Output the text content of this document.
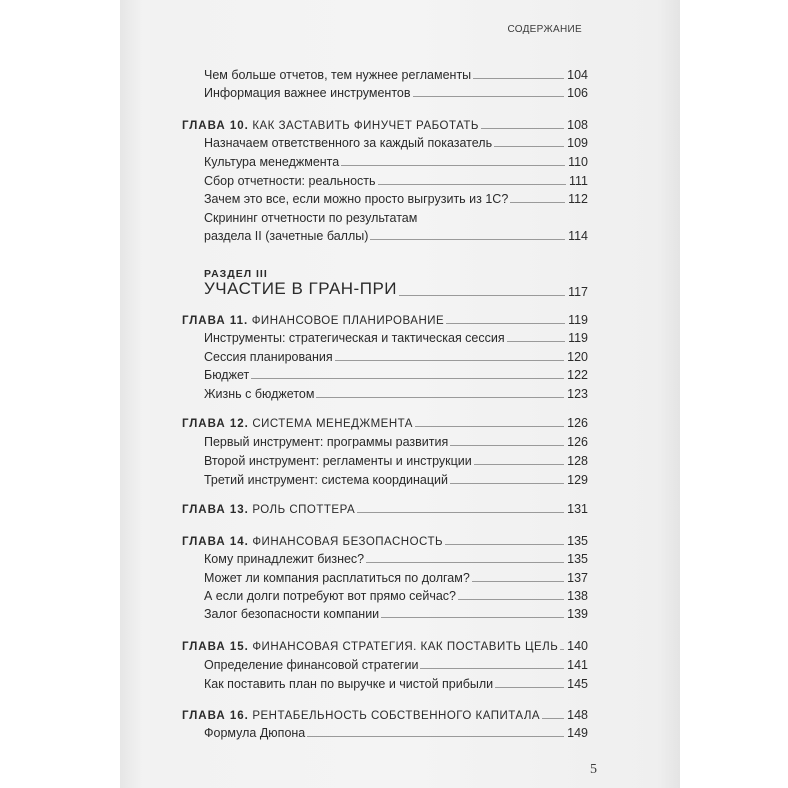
СОДЕРЖАНИЕ
РАЗДЕЛ III
Чем больше отчетов, тем нужнее регламенты	104
Информация важнее инструментов	106
ГЛАВА 10. КАК ЗАСТАВИТЬ ФИНУЧЕТ РАБОТАТЬ	108
Назначаем ответственного за каждый показатель	109
Культура менеджмента	110
Сбор отчетности: реальность	111
Зачем это все, если можно просто выгрузить из 1С?	112
Скрининг отчетности по результатам
раздела II (зачетные баллы)	114
УЧАСТИЕ В ГРАН-ПРИ	117
ГЛАВА 11. ФИНАНСОВОЕ ПЛАНИРОВАНИЕ	119
Инструменты: стратегическая и тактическая сессия	119
Сессия планирования	120
Бюджет	122
Жизнь с бюджетом	123
ГЛАВА 12. СИСТЕМА МЕНЕДЖМЕНТА	126
Первый инструмент: программы развития	126
Второй инструмент: регламенты и инструкции	128
Третий инструмент: система координаций	129
ГЛАВА 13. РОЛЬ СПОТТЕРА	131
ГЛАВА 14. ФИНАНСОВАЯ БЕЗОПАСНОСТЬ	135
Кому принадлежит бизнес?	135
Может ли компания расплатиться по долгам?	137
А если долги потребуют вот прямо сейчас?	138
Залог безопасности компании	139
ГЛАВА 15. ФИНАНСОВАЯ СТРАТЕГИЯ. КАК ПОСТАВИТЬ ЦЕЛЬ 140
Определение финансовой стратегии	141
Как поставить план по выручке и чистой прибыли	145
ГЛАВА 16. РЕНТАБЕЛЬНОСТЬ СОБСТВЕННОГО КАПИТАЛА 148
Формула Дюпона	149
5
